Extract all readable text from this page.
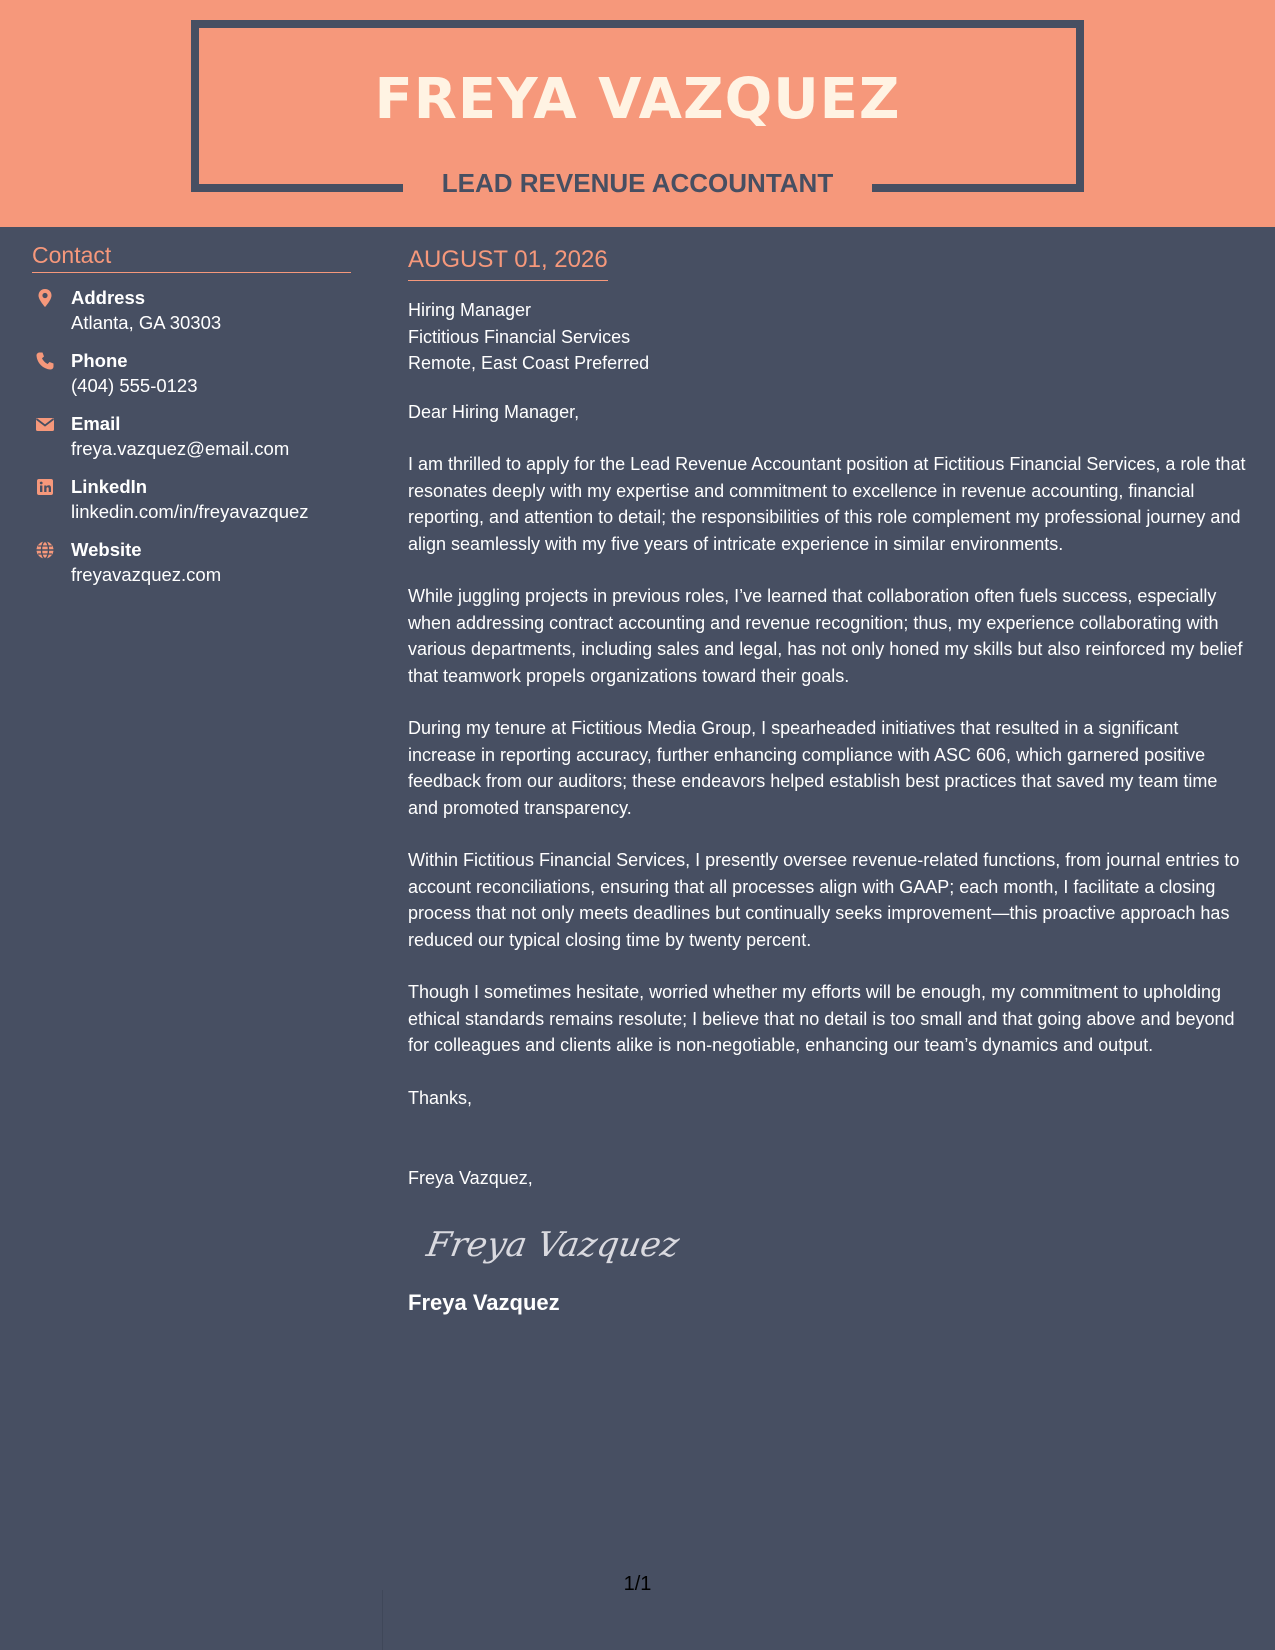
FREYA VAZQUEZ
LEAD REVENUE ACCOUNTANT
Contact
Address
Atlanta, GA 30303
Phone
(404) 555-0123
Email
freya.vazquez@email.com
LinkedIn
linkedin.com/in/freyavazquez
Website
freyavazquez.com
AUGUST 01, 2026
Hiring Manager
Fictitious Financial Services
Remote, East Coast Preferred
Dear Hiring Manager,
I am thrilled to apply for the Lead Revenue Accountant position at Fictitious Financial Services, a role that resonates deeply with my expertise and commitment to excellence in revenue accounting, financial reporting, and attention to detail; the responsibilities of this role complement my professional journey and align seamlessly with my five years of intricate experience in similar environments.
While juggling projects in previous roles, I’ve learned that collaboration often fuels success, especially when addressing contract accounting and revenue recognition; thus, my experience collaborating with various departments, including sales and legal, has not only honed my skills but also reinforced my belief that teamwork propels organizations toward their goals.
During my tenure at Fictitious Media Group, I spearheaded initiatives that resulted in a significant increase in reporting accuracy, further enhancing compliance with ASC 606, which garnered positive feedback from our auditors; these endeavors helped establish best practices that saved my team time and promoted transparency.
Within Fictitious Financial Services, I presently oversee revenue-related functions, from journal entries to account reconciliations, ensuring that all processes align with GAAP; each month, I facilitate a closing process that not only meets deadlines but continually seeks improvement—this proactive approach has reduced our typical closing time by twenty percent.
Though I sometimes hesitate, worried whether my efforts will be enough, my commitment to upholding ethical standards remains resolute; I believe that no detail is too small and that going above and beyond for colleagues and clients alike is non-negotiable, enhancing our team’s dynamics and output.
Thanks,
Freya Vazquez,
Freya Vazquez
Freya Vazquez
1/1
